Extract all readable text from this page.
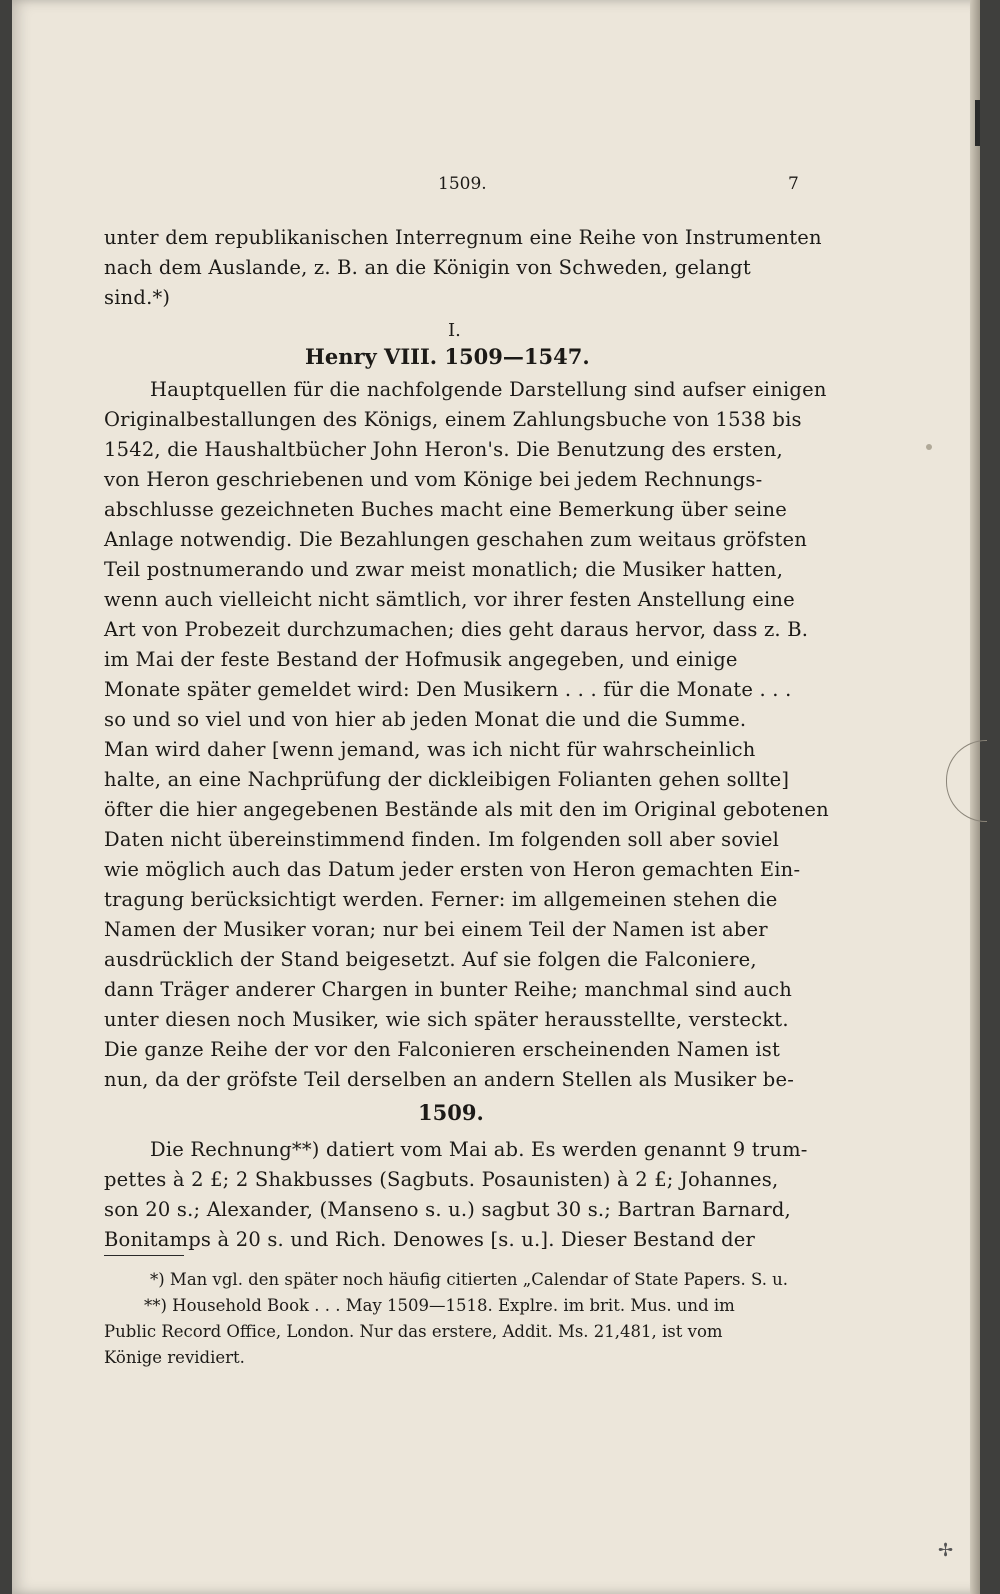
1509.	7
unter dem republikanischen Interregnum eine Reihe von Instrumenten
nach dem Auslande, z. B. an die Königin von Schweden, gelangt
sind.*)
I.
Henry VIII. 1509—1547.
Hauptquellen für die nachfolgende Darstellung sind aufser einigen
Originalbestallungen des Königs, einem Zahlungsbuche von 1538 bis
1542, die Haushaltbücher John Heron's. Die Benutzung des ersten,
von Heron geschriebenen und vom Könige bei jedem Rechnungs-
abschlusse gezeichneten Buches macht eine Bemerkung über seine
Anlage notwendig. Die Bezahlungen geschahen zum weitaus gröfsten
Teil postnumerando und zwar meist monatlich; die Musiker hatten,
wenn auch vielleicht nicht sämtlich, vor ihrer festen Anstellung eine
Art von Probezeit durchzumachen; dies geht daraus hervor, dass z. B.
im Mai der feste Bestand der Hofmusik angegeben, und einige
Monate später gemeldet wird: Den Musikern . . . für die Monate . . .
so und so viel und von hier ab jeden Monat die und die Summe.
Man wird daher [wenn jemand, was ich nicht für wahrscheinlich
halte, an eine Nachprüfung der dickleibigen Folianten gehen sollte]
öfter die hier angegebenen Bestände als mit den im Original gebotenen
Daten nicht übereinstimmend finden. Im folgenden soll aber soviel
wie möglich auch das Datum jeder ersten von Heron gemachten Ein-
tragung berücksichtigt werden. Ferner: im allgemeinen stehen die
Namen der Musiker voran; nur bei einem Teil der Namen ist aber
ausdrücklich der Stand beigesetzt. Auf sie folgen die Falconiere,
dann Träger anderer Chargen in bunter Reihe; manchmal sind auch
unter diesen noch Musiker, wie sich später herausstellte, versteckt.
Die ganze Reihe der vor den Falconieren erscheinenden Namen ist
nun, da der gröfste Teil derselben an andern Stellen als Musiker be-
1509.
Die Rechnung**) datiert vom Mai ab. Es werden genannt 9 trum-
pettes à 2 £; 2 Shakbusses (Sagbuts. Posaunisten) à 2 £; Johannes,
son 20 s.; Alexander, (Manseno s. u.) sagbut 30 s.; Bartran Barnard,
Bonitamps à 20 s. und Rich. Denowes [s. u.]. Dieser Bestand der
*) Man vgl. den später noch häufig citierten „Calendar of State Papers. S. u.
**) Household Book . . . May 1509—1518. Explre. im brit. Mus. und im
Public Record Office, London. Nur das erstere, Addit. Ms. 21,481, ist vom
Könige revidiert.
✢
